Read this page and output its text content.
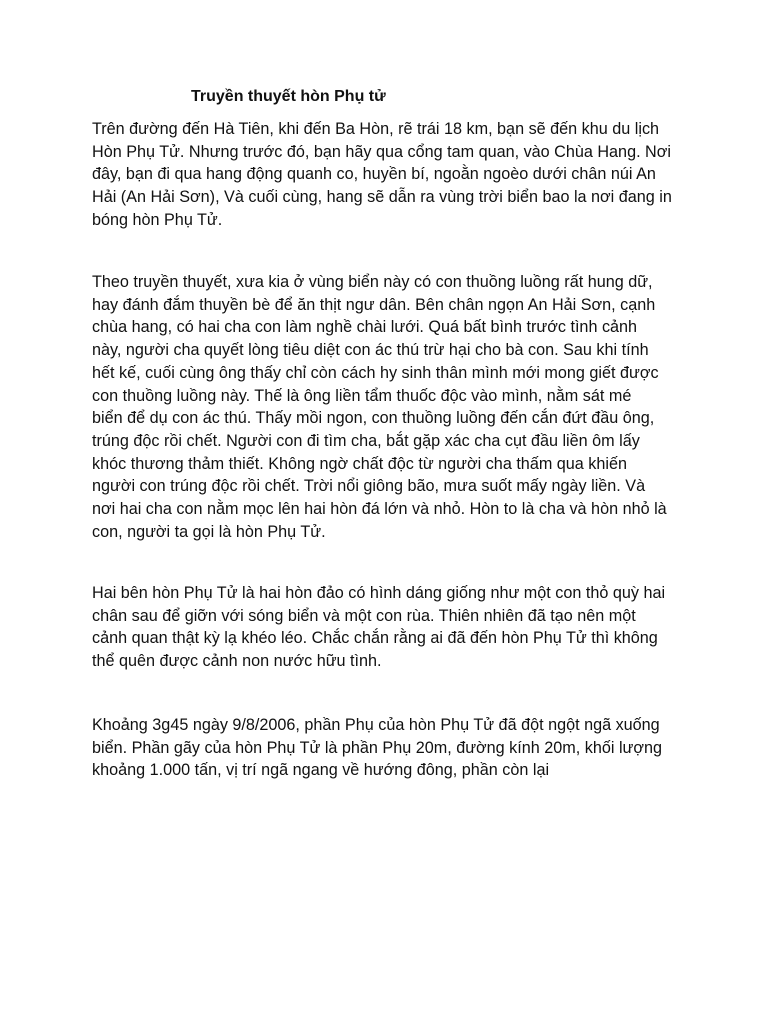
Truyền thuyết hòn Phụ tử

Trên đường đến Hà Tiên, khi đến Ba Hòn, rẽ trái 18 km, bạn sẽ đến khu du lịch
Hòn Phụ Tử. Nhưng trước đó, bạn hãy qua cổng tam quan, vào Chùa Hang. Nơi
đây, bạn đi qua hang động quanh co, huyền bí, ngoằn ngoèo dưới chân núi An
Hải (An Hải Sơn), Và cuối cùng, hang sẽ dẫn ra vùng trời biển bao la nơi đang in
bóng hòn Phụ Tử.

Theo truyền thuyết, xưa kia ở vùng biển này có con thuồng luồng rất hung dữ,
hay đánh đắm thuyền bè để ăn thịt ngư dân. Bên chân ngọn An Hải Sơn, cạnh
chùa hang, có hai cha con làm nghề chài lưới. Quá bất bình trước tình cảnh
này, người cha quyết lòng tiêu diệt con ác thú trừ hại cho bà con. Sau khi tính
hết kế, cuối cùng ông thấy chỉ còn cách hy sinh thân mình mới mong giết được
con thuồng luồng này. Thế là ông liền tẩm thuốc độc vào mình, nằm sát mé
biển để dụ con ác thú. Thấy mồi ngon, con thuồng luồng đến cắn đứt đầu ông,
trúng độc rồi chết. Người con đi tìm cha, bắt gặp xác cha cụt đầu liền ôm lấy
khóc thương thảm thiết. Không ngờ chất độc từ người cha thấm qua khiến
người con trúng độc rồi chết. Trời nổi giông bão, mưa suốt mấy ngày liền. Và
nơi hai cha con nằm mọc lên hai hòn đá lớn và nhỏ. Hòn to là cha và hòn nhỏ là
con, người ta gọi là hòn Phụ Tử.

Hai bên hòn Phụ Tử là hai hòn đảo có hình dáng giống như một con thỏ quỳ hai
chân sau để giỡn với sóng biển và một con rùa. Thiên nhiên đã tạo nên một
cảnh quan thật kỳ lạ khéo léo. Chắc chắn rằng ai đã đến hòn Phụ Tử thì không
thể quên được cảnh non nước hữu tình.

Khoảng 3g45 ngày 9/8/2006, phần Phụ của hòn Phụ Tử đã đột ngột ngã xuống
biển. Phần gãy của hòn Phụ Tử là phần Phụ 20m, đường kính 20m, khối lượng
khoảng 1.000 tấn, vị trí ngã ngang về hướng đông, phần còn lại
